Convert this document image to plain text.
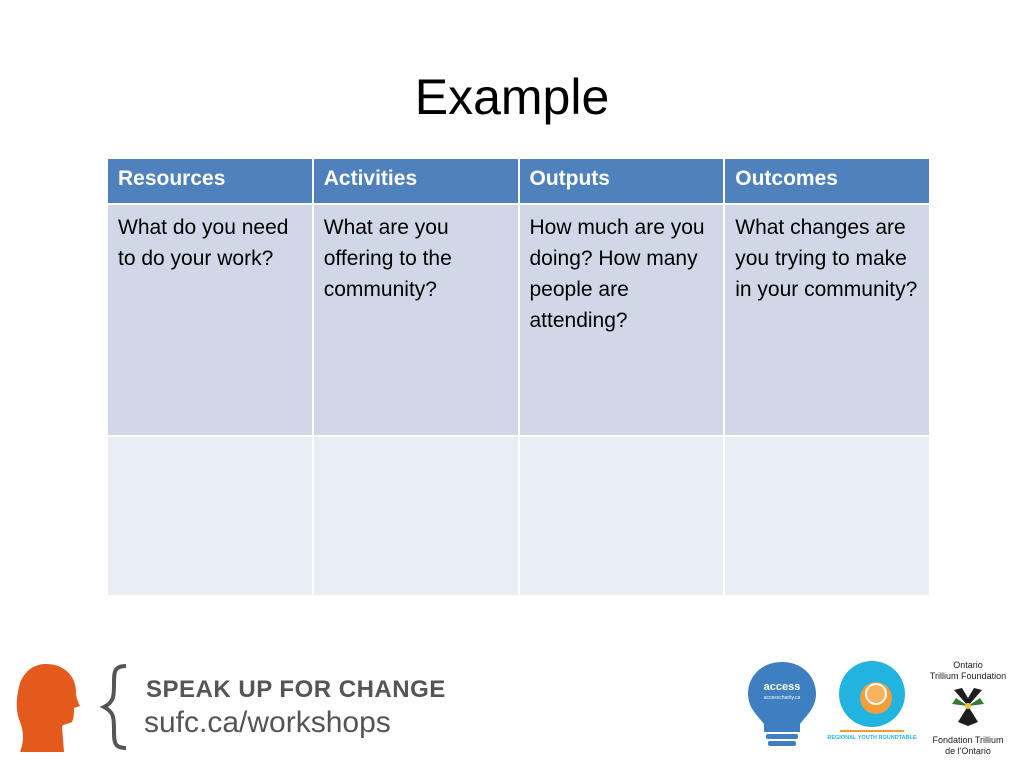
Example
Resources	Activities	Outputs	Outcomes
What do you need to do your work?	What are you offering to the community?	How much are you doing? How many people are attending?	What changes are you trying to make in your community?

SPEAK UP FOR CHANGE
sufc.ca/workshops
access
accesscharity.ca
REGIONAL YOUTH ROUNDTABLE
Ontario
Trillium Foundation
Fondation Trillium
de l'Ontario
